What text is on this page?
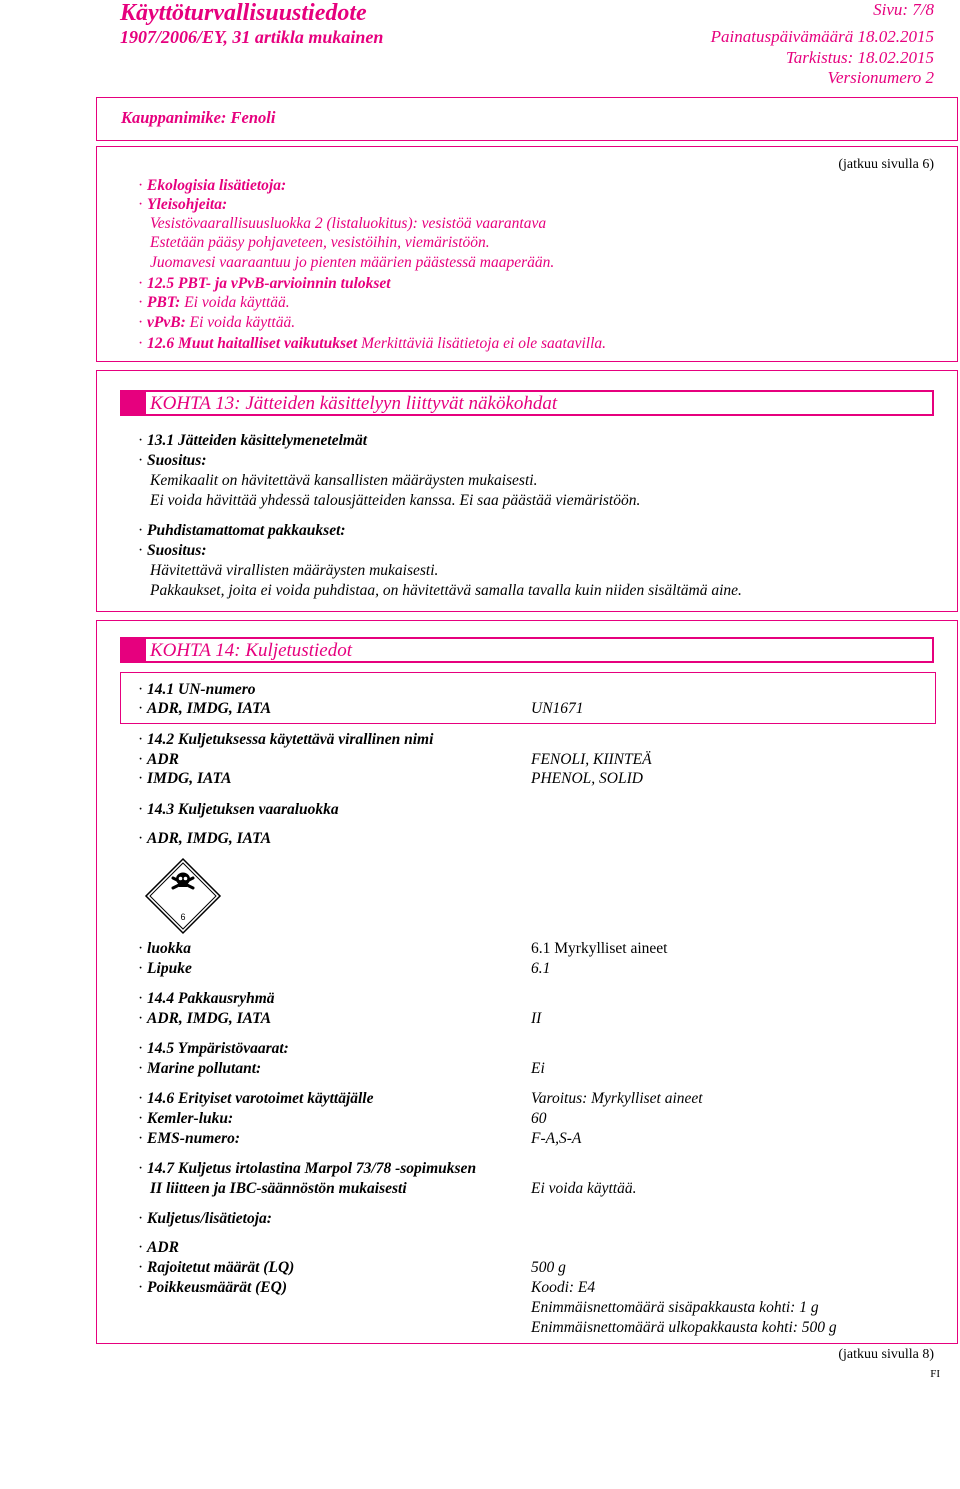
Käyttöturvallisuustiedote
1907/2006/EY, 31 artikla mukainen
Sivu: 7/8
Painatuspäivämäärä 18.02.2015
Tarkistus: 18.02.2015
Versionumero 2
Kauppanimike: Fenoli
(jatkuu sivulla 6)
· Ekologisia lisätietoja:
· Yleisohjeita:
Vesistövaarallisuusluokka 2 (listaluokitus): vesistöä vaarantava
Estetään pääsy pohjaveteen, vesistöihin, viemäristöön.
Juomavesi vaaraantuu jo pienten määrien päästessä maaperään.
· 12.5 PBT- ja vPvB-arvioinnin tulokset
· PBT: Ei voida käyttää.
· vPvB: Ei voida käyttää.
· 12.6 Muut haitalliset vaikutukset Merkittäviä lisätietoja ei ole saatavilla.
KOHTA 13: Jätteiden käsittelyyn liittyvät näkökohdat
· 13.1 Jätteiden käsittelymenetelmät
· Suositus:
Kemikaalit on hävitettävä kansallisten määräysten mukaisesti.
Ei voida hävittää yhdessä talousjätteiden kanssa. Ei saa päästää viemäristöön.
· Puhdistamattomat pakkaukset:
· Suositus:
Hävitettävä virallisten määräysten mukaisesti.
Pakkaukset, joita ei voida puhdistaa, on hävitettävä samalla tavalla kuin niiden sisältämä aine.
KOHTA 14: Kuljetustiedot
· 14.1 UN-numero
· ADR, IMDG, IATA	UN1671
· 14.2 Kuljetuksessa käytettävä virallinen nimi
· ADR	FENOLI, KIINTEÄ
· IMDG, IATA	PHENOL, SOLID
· 14.3 Kuljetuksen vaaraluokka
· ADR, IMDG, IATA
6
· luokka	6.1 Myrkylliset aineet
· Lipuke	6.1
· 14.4 Pakkausryhmä
· ADR, IMDG, IATA	II
· 14.5 Ympäristövaarat:
· Marine pollutant:	Ei
· 14.6 Erityiset varotoimet käyttäjälle	Varoitus: Myrkylliset aineet
· Kemler-luku:	60
· EMS-numero:	F-A,S-A
· 14.7 Kuljetus irtolastina Marpol 73/78 -sopimuksen
II liitteen ja IBC-säännöstön mukaisesti	Ei voida käyttää.
· Kuljetus/lisätietoja:
· ADR
· Rajoitetut määrät (LQ)	500 g
· Poikkeusmäärät (EQ)	Koodi: E4
Enimmäisnettomäärä sisäpakkausta kohti: 1 g
Enimmäisnettomäärä ulkopakkausta kohti: 500 g
(jatkuu sivulla 8)
FI
